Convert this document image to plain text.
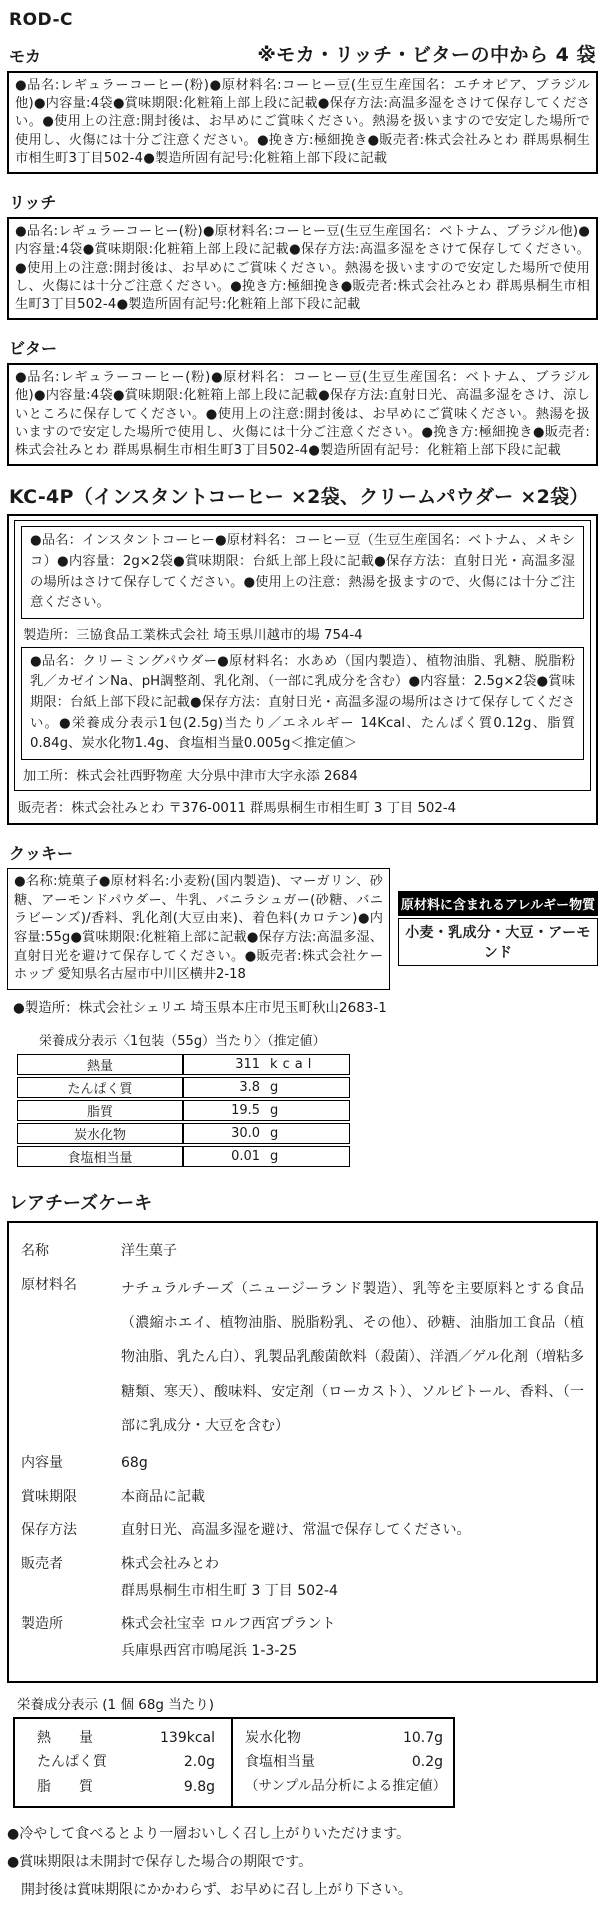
ROD-C
モカ	※モカ・リッチ・ビターの中から 4 袋
●品名:レギュラーコーヒー(粉)●原材料名:コーヒー豆(生豆生産国名：エチオピア、ブラジル他)●内容量:4袋●賞味期限:化粧箱上部上段に記載●保存方法:高温多湿をさけて保存してください。●使用上の注意:開封後は、お早めにご賞味ください。熱湯を扱いますので安定した場所で使用し、火傷には十分ご注意ください。●挽き方:極細挽き●販売者:株式会社みとわ 群馬県桐生市相生町3丁目502-4●製造所固有記号:化粧箱上部下段に記載
リッチ
●品名:レギュラーコーヒー(粉)●原材料名:コーヒー豆(生豆生産国名：ベトナム、ブラジル他)●内容量:4袋●賞味期限:化粧箱上部上段に記載●保存方法:高温多湿をさけて保存してください。●使用上の注意:開封後は、お早めにご賞味ください。熱湯を扱いますので安定した場所で使用し、火傷には十分ご注意ください。●挽き方:極細挽き●販売者:株式会社みとわ 群馬県桐生市相生町3丁目502-4●製造所固有記号:化粧箱上部下段に記載
ビター
●品名:レギュラーコーヒー(粉)●原材料名：コーヒー豆(生豆生産国名：ベトナム、ブラジル他)●内容量:4袋●賞味期限:化粧箱上部上段に記載●保存方法:直射日光、高温多湿をさけ、涼しいところに保存してください。●使用上の注意:開封後は、お早めにご賞味ください。熱湯を扱いますので安定した場所で使用し、火傷には十分ご注意ください。●挽き方:極細挽き●販売者:株式会社みとわ 群馬県桐生市相生町3丁目502-4●製造所固有記号：化粧箱上部下段に記載
KC-4P（インスタントコーヒー ×2袋、クリームパウダー ×2袋）
●品名：インスタントコーヒー●原材料名：コーヒー豆（生豆生産国名：ベトナム、メキシコ）●内容量：2g×2袋●賞味期限：台紙上部上段に記載●保存方法：直射日光・高温多湿の場所はさけて保存してください。●使用上の注意：熱湯を扱ますので、火傷には十分ご注意ください。
製造所：三協食品工業株式会社 埼玉県川越市的場 754-4
●品名：クリーミングパウダー●原材料名：水あめ（国内製造）、植物油脂、乳糖、脱脂粉乳／カゼインNa、pH調整剤、乳化剤、（一部に乳成分を含む）●内容量：2.5g×2袋●賞味期限：台紙上部下段に記載●保存方法：直射日光・高温多湿の場所はさけて保存してください。●栄養成分表示1包(2.5g)当たり／エネルギー 14Kcal、たんぱく質0.12g、脂質0.84g、炭水化物1.4g、食塩相当量0.005g＜推定値＞
加工所：株式会社西野物産 大分県中津市大字永添 2684
販売者：株式会社みとわ 〒376-0011 群馬県桐生市相生町 3 丁目 502-4
クッキー
●名称:焼菓子●原材料名:小麦粉(国内製造)、マーガリン、砂糖、アーモンドパウダー、牛乳、バニラシュガー(砂糖、バニラビーンズ)/香料、乳化剤(大豆由来)、着色料(カロテン)●内容量:55g●賞味期限:化粧箱上部に記載●保存方法:高温多湿、直射日光を避けて保存してください。●販売者:株式会社ケーホップ 愛知県名古屋市中川区横井2-18
原材料に含まれるアレルギー物質
小麦・乳成分・大豆・アーモンド
●製造所：株式会社シェリエ 埼玉県本庄市児玉町秋山2683-1
栄養成分表示〈1包装（55g）当たり〉（推定値）
熱量	311 kcal
たんぱく質	3.8 g
脂質	19.5 g
炭水化物	30.0 g
食塩相当量	0.01 g
レアチーズケーキ
名称	洋生菓子
原材料名	ナチュラルチーズ（ニュージーランド製造）、乳等を主要原料とする食品（濃縮ホエイ、植物油脂、脱脂粉乳、その他）、砂糖、油脂加工食品（植物油脂、乳たん白）、乳製品乳酸菌飲料（殺菌）、洋酒／ゲル化剤（増粘多糖類、寒天）、酸味料、安定剤（ローカスト）、ソルビトール、香料、（一部に乳成分・大豆を含む）
内容量	68g
賞味期限	本商品に記載
保存方法	直射日光、高温多湿を避け、常温で保存してください。
販売者	株式会社みとわ
群馬県桐生市相生町 3 丁目 502-4
製造所	株式会社宝幸 ロルフ西宮プラント
兵庫県西宮市鳴尾浜 1-3-25
栄養成分表示 (1 個 68g 当たり)
熱　　量	139kcal
たんぱく質	2.0g
脂　　質	9.8g
炭水化物	10.7g
食塩相当量	0.2g
（サンプル品分析による推定値）
●冷やして食べるとより一層おいしく召し上がりいただけます。
●賞味期限は未開封で保存した場合の期限です。
開封後は賞味期限にかかわらず、お早めに召し上がり下さい。
